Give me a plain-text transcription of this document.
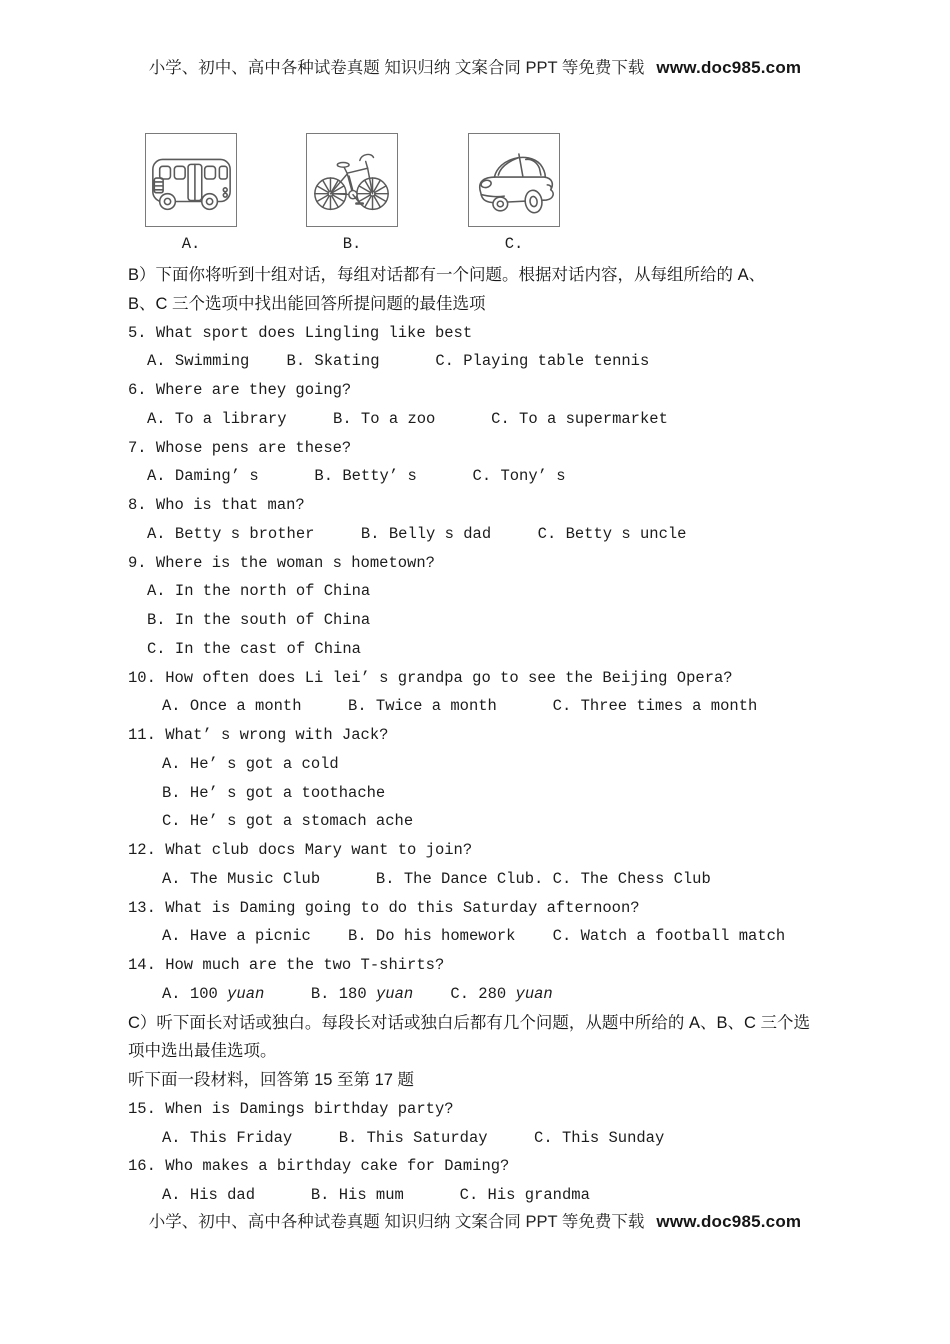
小学、初中、高中各种试卷真题 知识归纳 文案合同 PPT 等免费下载 www.doc985.com
A.	B.	C.
B）下面你将听到十组对话，每组对话都有一个问题。根据对话内容，从每组所给的 A、
B、C 三个选项中找出能回答所提问题的最佳选项
5. What sport does Lingling like best
A. Swimming    B. Skating      C. Playing table tennis
6. Where are they going?
A. To a library     B. To a zoo      C. To a supermarket
7. Whose pens are these?
A. Daming’ s      B. Betty’ s      C. Tony’ s
8. Who is that man?
A. Betty s brother     B. Belly s dad     C. Betty s uncle
9. Where is the woman s hometown?
A. In the north of China
B. In the south of China
C. In the cast of China
10. How often does Li lei’ s grandpa go to see the Beijing Opera?
A. Once a month     B. Twice a month      C. Three times a month
11. What’ s wrong with Jack?
A. He’ s got a cold
B. He’ s got a toothache
C. He’ s got a stomach ache
12. What club docs Mary want to join?
A. The Music Club      B. The Dance Club. C. The Chess Club
13. What is Daming going to do this Saturday afternoon?
A. Have a picnic    B. Do his homework    C. Watch a football match
14. How much are the two T-shirts?
A. 100 yuan     B. 180 yuan    C. 280 yuan
C）听下面长对话或独白。每段长对话或独白后都有几个问题，从题中所给的 A、B、C 三个选
项中选出最佳选项。
听下面一段材料，回答第 15 至第 17 题
15. When is Damings birthday party?
A. This Friday     B. This Saturday     C. This Sunday
16. Who makes a birthday cake for Daming?
A. His dad      B. His mum      C. His grandma
小学、初中、高中各种试卷真题 知识归纳 文案合同 PPT 等免费下载 www.doc985.com
